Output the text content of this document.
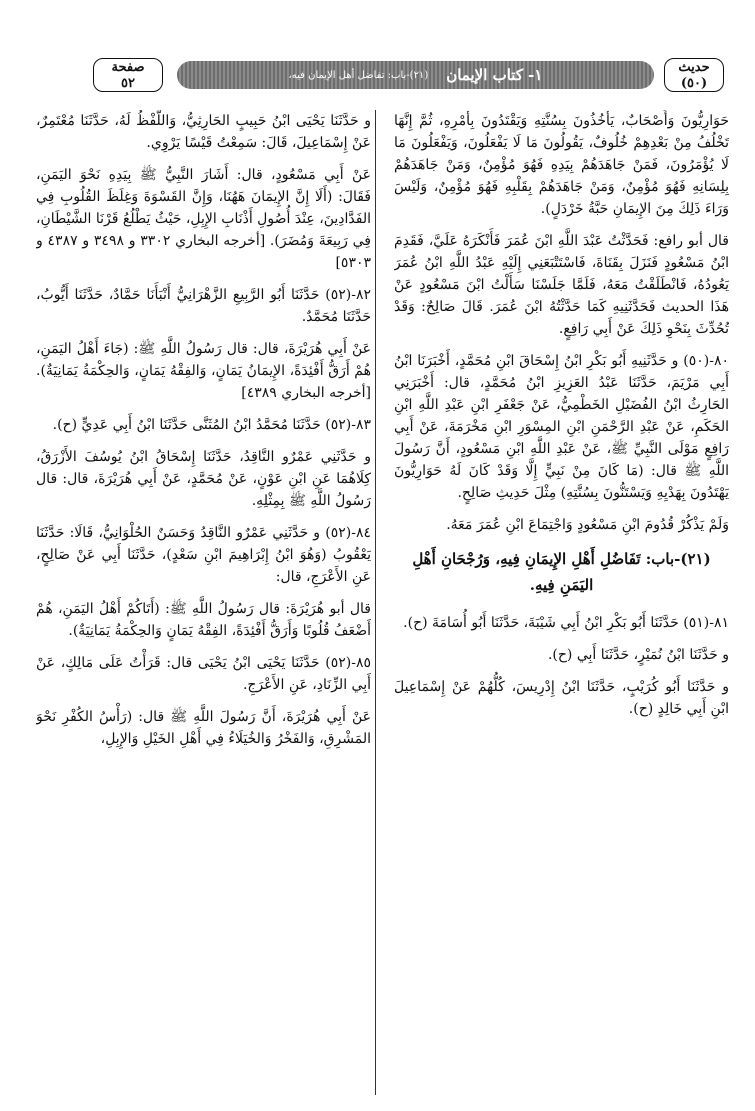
صفحة
٥٢	١- كتاب الإيمان
(٢١)-باب: تفاضل أهل الإيمان فيه،	حديث
(٥٠)

حَوَارِيُّونَ وَأَصْحَابٌ، يَأْخُذُونَ بِسُنَّتِهِ وَيَقْتَدُونَ بِأَمْرِهِ، ثُمَّ إِنَّهَا تَخْلُفُ مِنْ بَعْدِهِمْ خُلُوفٌ، يَقُولُونَ مَا لَا يَفْعَلُونَ، وَيَفْعَلُونَ مَا لَا يُؤْمَرُونَ، فَمَنْ جَاهَدَهُمْ بِيَدِهِ فَهُوَ مُؤْمِنٌ، وَمَنْ جَاهَدَهُمْ بِلِسَانِهِ فَهُوَ مُؤْمِنٌ، وَمَنْ جَاهَدَهُمْ بِقَلْبِهِ فَهُوَ مُؤْمِنٌ، وَلَيْسَ وَرَاءَ ذَلِكَ مِنَ الإِيمَانِ حَبَّةُ خَرْدَلٍ).

قال أبو رافع: فَحَدَّثْتُ عَبْدَ اللَّهِ ابْنَ عُمَرَ فَأَنْكَرَهُ عَلَيَّ، فَقَدِمَ ابْنُ مَسْعُودٍ فَنَزَلَ بِقَنَاةَ، فَاسْتَتْبَعَنِي إِلَيْهِ عَبْدُ اللَّهِ ابْنُ عُمَرَ يَعُودُهُ، فَانْطَلَقْتُ مَعَهُ، فَلَمَّا جَلَسْنَا سَأَلْتُ ابْنَ مَسْعُودٍ عَنْ هَذَا الحديث فَحَدَّثَنِيهِ كَمَا حَدَّثْتُهُ ابْنَ عُمَرَ. قَالَ صَالِحٌ: وَقَدْ تُحُدِّثَ بِنَحْوِ ذَلِكَ عَنْ أَبِي رَافِعٍ.

٨٠-(٥٠) و حَدَّثَنِيهِ أَبُو بَكْرِ ابْنُ إِسْحَاقَ ابْنِ مُحَمَّدٍ، أَخْبَرَنَا ابْنُ أَبِي مَرْيَمَ، حَدَّثَنَا عَبْدُ العَزِيزِ ابْنُ مُحَمَّدٍ، قال: أَخْبَرَنِي الحَارِثُ ابْنُ الفُضَيْلِ الخَطْمِيُّ، عَنْ جَعْفَرِ ابْنِ عَبْدِ اللَّهِ ابْنِ الحَكَمِ، عَنْ عَبْدِ الرَّحْمَنِ ابْنِ المِسْوَرِ ابْنِ مَخْرَمَةَ، عَنْ أَبِي رَافِعٍ مَوْلَى النَّبِيِّ ﷺ، عَنْ عَبْدِ اللَّهِ ابْنِ مَسْعُودٍ، أَنَّ رَسُولَ اللَّهِ ﷺ قال: (مَا كَانَ مِنْ نَبِيٍّ إِلَّا وَقَدْ كَانَ لَهُ حَوَارِيُّونَ يَهْتَدُونَ بِهَدْيِهِ وَيَسْتَنُّونَ بِسُنَّتِهِ) مِثْلَ حَدِيثِ صَالِحٍ.

وَلَمْ يَذْكُرْ قُدُومَ ابْنِ مَسْعُودٍ وَاجْتِمَاعَ ابْنِ عُمَرَ مَعَهُ.

(٢١)-باب: تَفَاضُلِ أَهْلِ الإِيمَانِ فِيهِ، وَرُجْحَانِ أَهْلِ اليَمَنِ فِيهِ.

٨١-(٥١) حَدَّثَنَا أَبُو بَكْرِ ابْنُ أَبِي شَيْبَةَ، حَدَّثَنَا أَبُو أُسَامَةَ (ح).

و حَدَّثَنَا ابْنُ نُمَيْرٍ، حَدَّثَنَا أَبِي (ح).

و حَدَّثَنَا أَبُو كُرَيْبٍ، حَدَّثَنَا ابْنُ إِدْرِيسَ، كُلُّهُمْ عَنْ إِسْمَاعِيلَ ابْنِ أَبِي خَالِدٍ (ح).

و حَدَّثَنَا يَحْيَى ابْنُ حَبِيبٍ الحَارِثِيُّ، وَاللَّفْظُ لَهُ، حَدَّثَنَا مُعْتَمِرٌ، عَنْ إِسْمَاعِيلَ، قَالَ: سَمِعْتُ قَيْسًا يَرْوِي.

عَنْ أَبِي مَسْعُودٍ، قال: أَشَارَ النَّبِيُّ ﷺ بِيَدِهِ نَحْوَ اليَمَنِ، فَقَالَ: (أَلَا إِنَّ الإِيمَانَ هَهُنَا، وَإِنَّ القَسْوَةَ وَغِلَظَ القُلُوبِ فِي الفَدَّادِينَ، عِنْدَ أُصُولِ أَذْنَابِ الإِبِلِ، حَيْثُ يَطْلُعُ قَرْنَا الشَّيْطَانِ، فِي رَبِيعَةَ وَمُضَرَ). [أخرجه البخاري ٣٣٠٢ و ٣٤٩٨ و ٤٣٨٧ و ٥٣٠٣]

٨٢-(٥٢) حَدَّثَنَا أَبُو الرَّبِيعِ الزَّهْرَانِيُّ أَنْبَأَنَا حَمَّادٌ، حَدَّثَنَا أَيُّوبُ، حَدَّثَنَا مُحَمَّدٌ.

عَنْ أَبِي هُرَيْرَةَ، قال: قال رَسُولُ اللَّهِ ﷺ: (جَاءَ أَهْلُ اليَمَنِ، هُمْ أَرَقُّ أَفْئِدَةً، الإِيمَانُ يَمَانٍ، وَالفِقْهُ يَمَانٍ، وَالحِكْمَةُ يَمَانِيَةٌ). [أخرجه البخاري ٤٣٨٩]

٨٣-(٥٢) حَدَّثَنَا مُحَمَّدُ ابْنُ المُثَنَّى حَدَّثَنَا ابْنُ أَبِي عَدِيٍّ (ح).

و حَدَّثَنِي عَمْرٌو النَّاقِدُ، حَدَّثَنَا إِسْحَاقُ ابْنُ يُوسُفَ الأَزْرَقُ، كِلَاهُمَا عَنِ ابْنِ عَوْنٍ، عَنْ مُحَمَّدٍ، عَنْ أَبِي هُرَيْرَةَ، قال: قال رَسُولُ اللَّهِ ﷺ بِمِثْلِهِ.

٨٤-(٥٢) و حَدَّثَنِي عَمْرٌو النَّاقِدُ وَحَسَنٌ الحُلْوَانِيُّ، قَالَا: حَدَّثَنَا يَعْقُوبُ (وَهُوَ ابْنُ إِبْرَاهِيمَ ابْنِ سَعْدٍ)، حَدَّثَنَا أَبِي عَنْ صَالِحٍ، عَنِ الأَعْرَجِ، قال:

قال أبو هُرَيْرَةَ: قال رَسُولُ اللَّهِ ﷺ: (أَتَاكُمْ أَهْلُ اليَمَنِ، هُمْ أَضْعَفُ قُلُوبًا وَأَرَقُّ أَفْئِدَةً، الفِقْهُ يَمَانٍ وَالحِكْمَةُ يَمَانِيَةٌ).

٨٥-(٥٢) حَدَّثَنَا يَحْيَى ابْنُ يَحْيَى قال: قَرَأْتُ عَلَى مَالِكٍ، عَنْ أَبِي الزِّنَادِ، عَنِ الأَعْرَجِ.

عَنْ أَبِي هُرَيْرَةَ، أَنَّ رَسُولَ اللَّهِ ﷺ قال: (رَأْسُ الكُفْرِ نَحْوَ المَشْرِقِ، وَالفَخْرُ وَالخُيَلَاءُ فِي أَهْلِ الخَيْلِ وَالإِبِلِ،
